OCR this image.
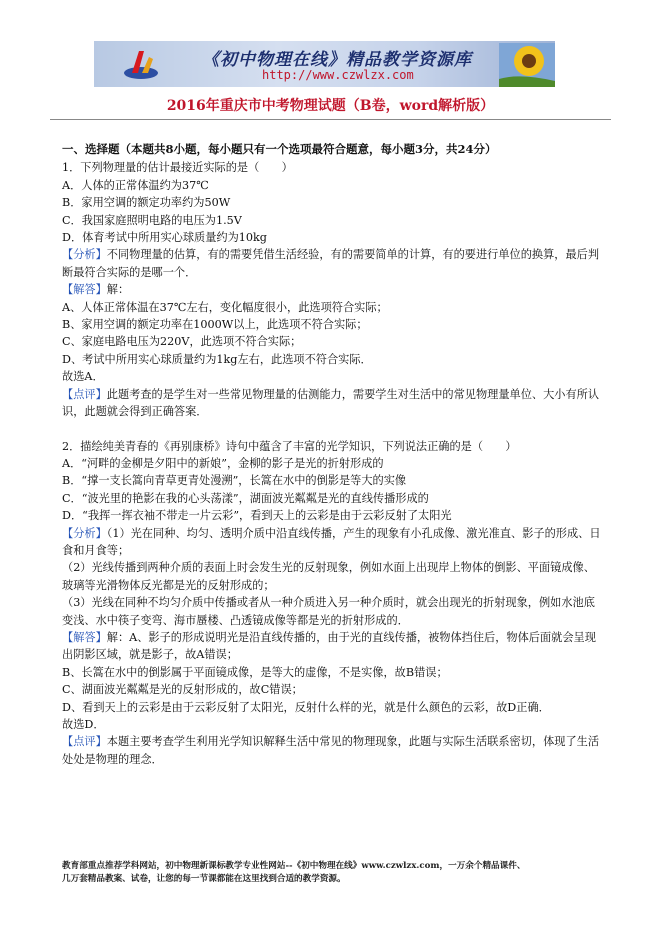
《初中物理在线》精品教学资源库
http://www.czwlzx.com
2016年重庆市中考物理试题（B卷，word解析版）

一、选择题（本题共8小题，每小题只有一个选项最符合题意，每小题3分，共24分）

1．下列物理量的估计最接近实际的是（　　）

A．人体的正常体温约为37℃

B．家用空调的额定功率约为50W

C．我国家庭照明电路的电压为1.5V

D．体育考试中所用实心球质量约为10kg

【分析】不同物理量的估算，有的需要凭借生活经验，有的需要简单的计算，有的要进行单位的换算，最后判断最符合实际的是哪一个．

【解答】解：

A、人体正常体温在37℃左右，变化幅度很小，此选项符合实际；

B、家用空调的额定功率在1000W以上，此选项不符合实际；

C、家庭电路电压为220V，此选项不符合实际；

D、考试中所用实心球质量约为1kg左右，此选项不符合实际．

故选A．

【点评】此题考查的是学生对一些常见物理量的估测能力，需要学生对生活中的常见物理量单位、大小有所认识，此题就会得到正确答案．

2．描绘纯美青春的《再别康桥》诗句中蕴含了丰富的光学知识，下列说法正确的是（　　）

A．“河畔的金柳是夕阳中的新娘”，金柳的影子是光的折射形成的

B．“撑一支长篙向青草更青处漫溯”，长篙在水中的倒影是等大的实像

C．“波光里的艳影在我的心头荡漾”，湖面波光粼粼是光的直线传播形成的

D．“我挥一挥衣袖不带走一片云彩”，看到天上的云彩是由于云彩反射了太阳光

【分析】（1）光在同种、均匀、透明介质中沿直线传播，产生的现象有小孔成像、激光准直、影子的形成、日食和月食等；

（2）光线传播到两种介质的表面上时会发生光的反射现象，例如水面上出现岸上物体的倒影、平面镜成像、玻璃等光滑物体反光都是光的反射形成的；

（3）光线在同种不均匀介质中传播或者从一种介质进入另一种介质时，就会出现光的折射现象，例如水池底变浅、水中筷子变弯、海市蜃楼、凸透镜成像等都是光的折射形成的．

【解答】解：A、影子的形成说明光是沿直线传播的，由于光的直线传播，被物体挡住后，物体后面就会呈现出阴影区域，就是影子，故A错误；

B、长篙在水中的倒影属于平面镜成像，是等大的虚像，不是实像，故B错误；

C、湖面波光粼粼是光的反射形成的，故C错误；

D、看到天上的云彩是由于云彩反射了太阳光，反射什么样的光，就是什么颜色的云彩，故D正确．

故选D．

【点评】本题主要考查学生利用光学知识解释生活中常见的物理现象，此题与实际生活联系密切，体现了生活处处是物理的理念．

教育部重点推荐学科网站，初中物理新课标教学专业性网站--《初中物理在线》www.czwlzx.com，一万余个精品课件、
几万套精品教案、试卷，让您的每一节课都能在这里找到合适的教学资源。
